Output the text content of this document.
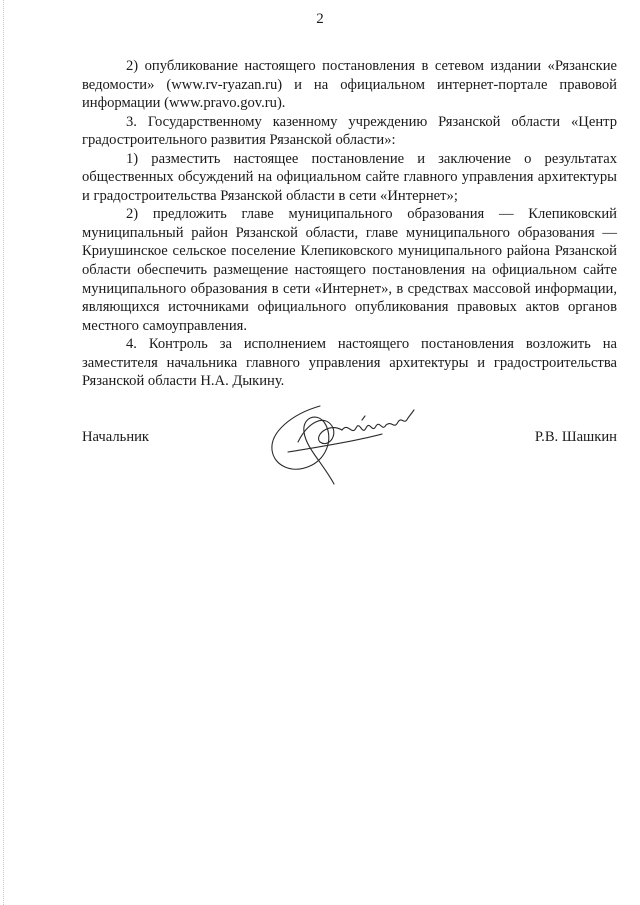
2

2) опубликование настоящего постановления в сетевом издании «Рязанские ведомости» (www.rv-ryazan.ru) и на официальном интернет-портале правовой информации (www.pravo.gov.ru).

3. Государственному казенному учреждению Рязанской области «Центр градостроительного развития Рязанской области»:

1) разместить настоящее постановление и заключение о результатах общественных обсуждений на официальном сайте главного управления архитектуры и градостроительства Рязанской области в сети «Интернет»;

2) предложить главе муниципального образования — Клепиковский муниципальный район Рязанской области, главе муниципального образования — Криушинское сельское поселение Клепиковского муниципального района Рязанской области обеспечить размещение настоящего постановления на официальном сайте муниципального образования в сети «Интернет», в средствах массовой информации, являющихся источниками официального опубликования правовых актов органов местного самоуправления.

4. Контроль за исполнением настоящего постановления возложить на заместителя начальника главного управления архитектуры и градостроительства Рязанской области Н.А. Дыкину.

Начальник	Р.В. Шашкин
